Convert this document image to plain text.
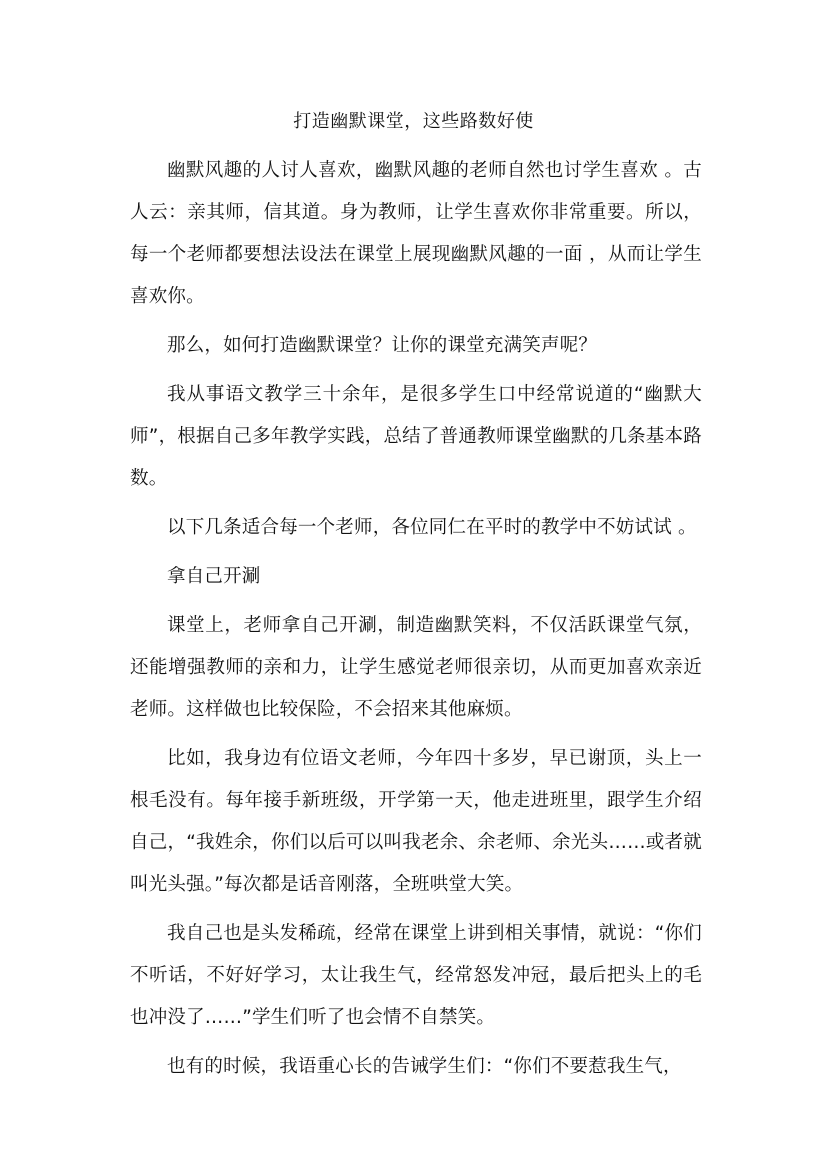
打造幽默课堂，这些路数好使

幽默风趣的人讨人喜欢，幽默风趣的老师自然也讨学生喜欢 。古人云：亲其师，信其道。身为教师，让学生喜欢你非常重要。所以，每一个老师都要想法设法在课堂上展现幽默风趣的一面 ，从而让学生喜欢你。

那么，如何打造幽默课堂？让你的课堂充满笑声呢？

我从事语文教学三十余年，是很多学生口中经常说道的“幽默大师”，根据自己多年教学实践，总结了普通教师课堂幽默的几条基本路数。

以下几条适合每一个老师，各位同仁在平时的教学中不妨试试 。

拿自己开涮

课堂上，老师拿自己开涮，制造幽默笑料，不仅活跃课堂气氛，还能增强教师的亲和力，让学生感觉老师很亲切，从而更加喜欢亲近老师。这样做也比较保险，不会招来其他麻烦。

比如，我身边有位语文老师，今年四十多岁，早已谢顶，头上一根毛没有。每年接手新班级，开学第一天，他走进班里，跟学生介绍自己，“我姓余，你们以后可以叫我老余、余老师、余光头……或者就叫光头强。”每次都是话音刚落，全班哄堂大笑。

我自己也是头发稀疏，经常在课堂上讲到相关事情，就说：“你们不听话，不好好学习，太让我生气，经常怒发冲冠，最后把头上的毛也冲没了……”学生们听了也会情不自禁笑。

也有的时候，我语重心长的告诫学生们：“你们不要惹我生气，
